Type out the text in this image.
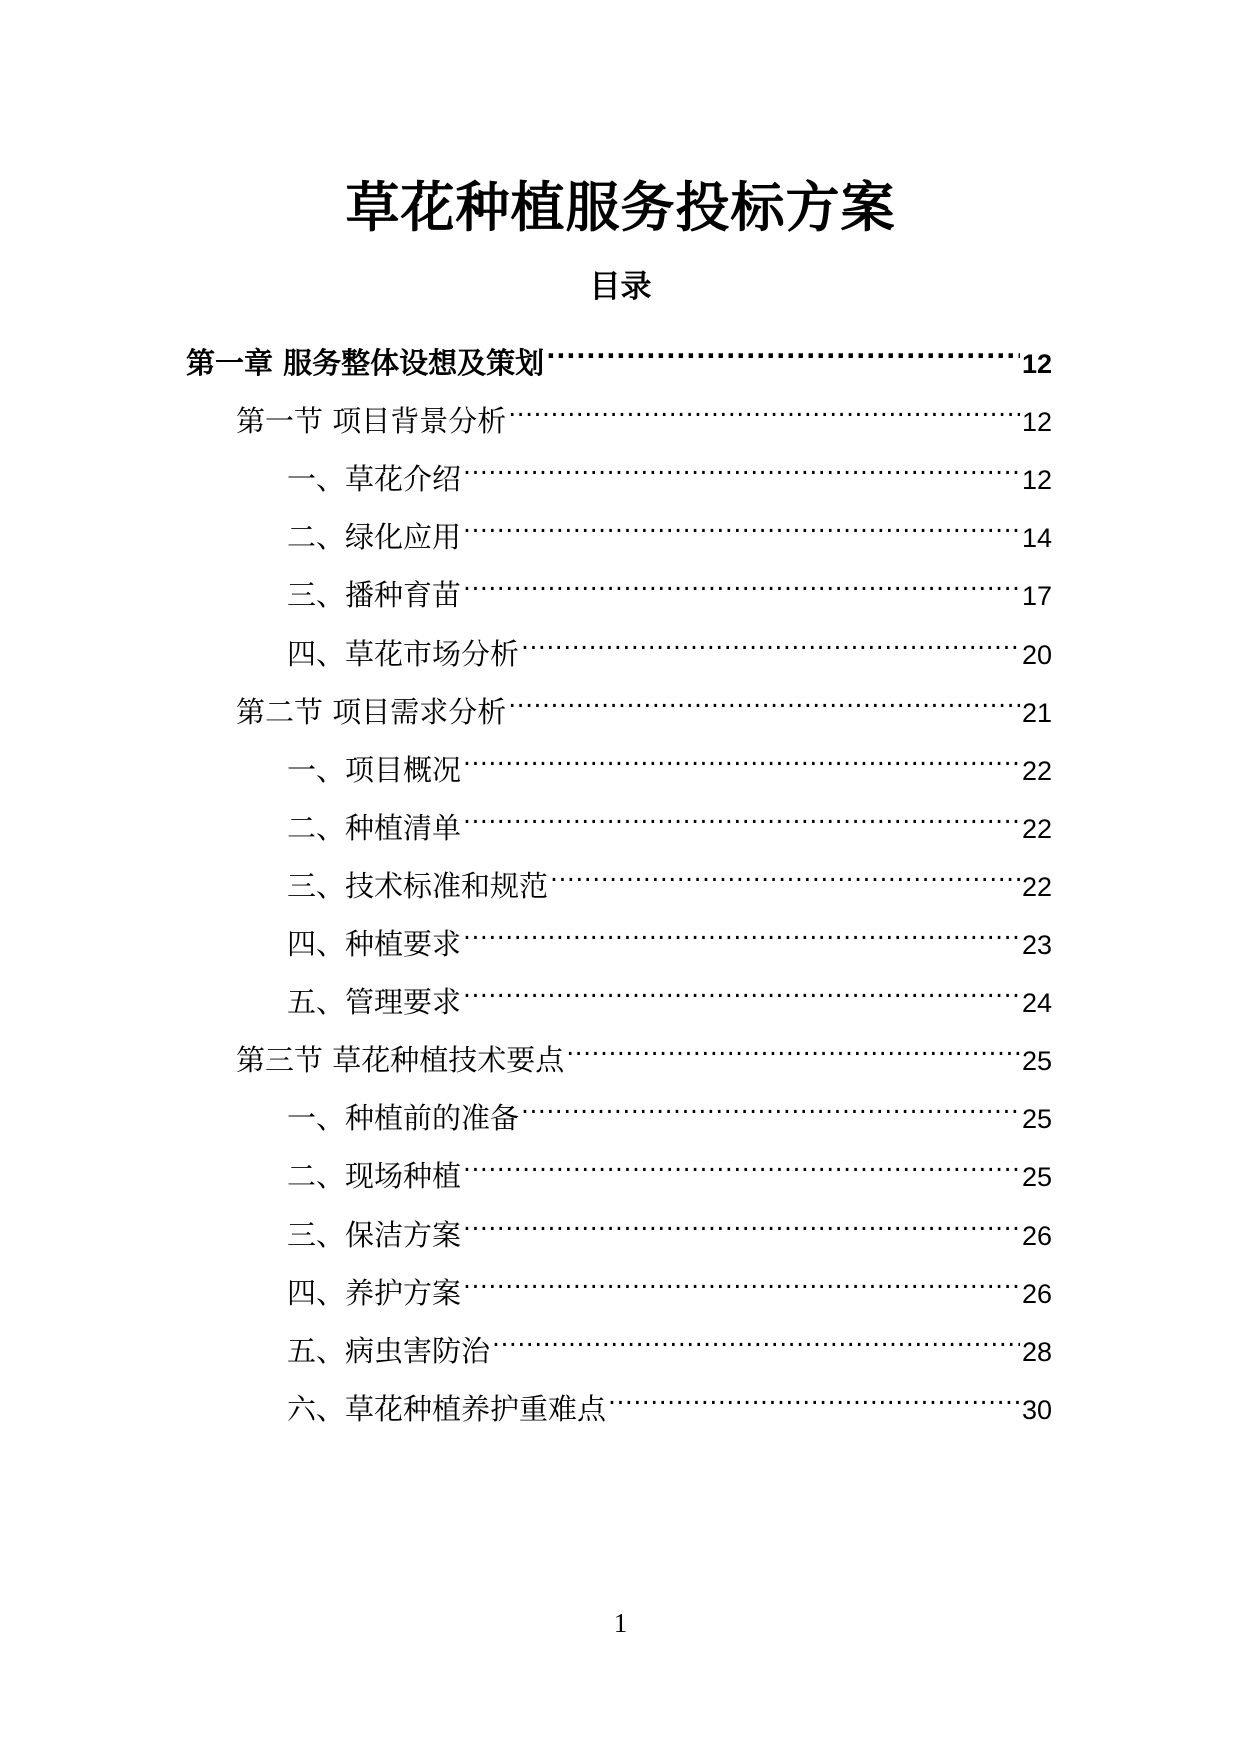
草花种植服务投标方案
目录
第一章 服务整体设想及策划 .....	12
第一节 项目背景分析 .....	12
一、草花介绍 .....	12
二、绿化应用 .....	14
三、播种育苗 .....	17
四、草花市场分析 .....	20
第二节 项目需求分析 .....	21
一、项目概况 .....	22
二、种植清单 .....	22
三、技术标准和规范 .....	22
四、种植要求 .....	23
五、管理要求 .....	24
第三节 草花种植技术要点 .....	25
一、种植前的准备 .....	25
二、现场种植 .....	25
三、保洁方案 .....	26
四、养护方案 .....	26
五、病虫害防治 .....	28
六、草花种植养护重难点 .....	30
1
